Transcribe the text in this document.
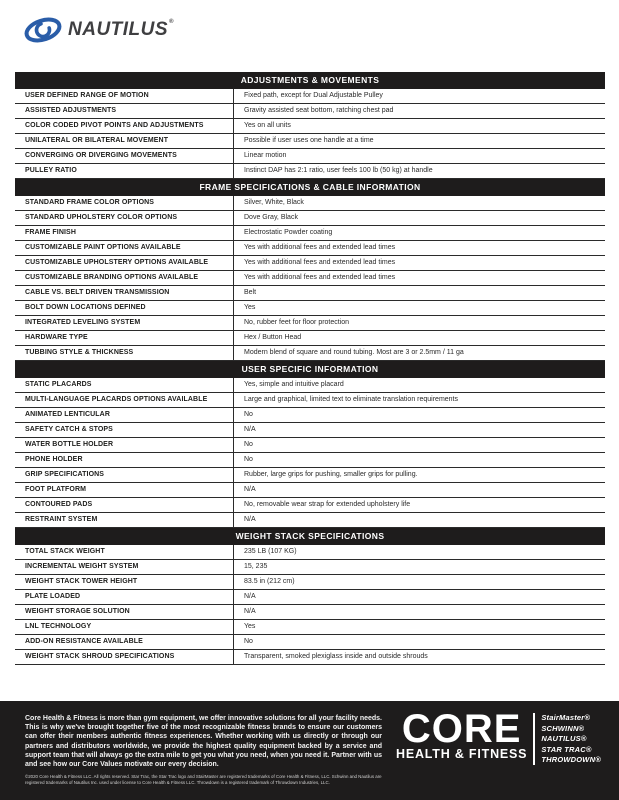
NAUTILUS®
ADJUSTMENTS & MOVEMENTS
USER DEFINED RANGE OF MOTION	Fixed path, except for Dual Adjustable Pulley
ASSISTED ADJUSTMENTS	Gravity assisted seat bottom, ratching chest pad
COLOR CODED PIVOT POINTS AND ADJUSTMENTS	Yes on all units
UNILATERAL OR BILATERAL MOVEMENT	Possible if user uses one handle at a time
CONVERGING OR DIVERGING MOVEMENTS	Linear motion
PULLEY RATIO	Instinct DAP has 2:1 ratio, user feels 100 lb (50 kg) at handle
FRAME SPECIFICATIONS & CABLE INFORMATION
STANDARD FRAME COLOR OPTIONS	Silver, White, Black
STANDARD UPHOLSTERY COLOR OPTIONS	Dove Gray, Black
FRAME FINISH	Electrostatic Powder coating
CUSTOMIZABLE PAINT OPTIONS AVAILABLE	Yes with additional fees and extended lead times
CUSTOMIZABLE UPHOLSTERY OPTIONS AVAILABLE	Yes with additional fees and extended lead times
CUSTOMIZABLE BRANDING OPTIONS AVAILABLE	Yes with additional fees and extended lead times
CABLE VS. BELT DRIVEN TRANSMISSION	Belt
BOLT DOWN LOCATIONS DEFINED	Yes
INTEGRATED LEVELING SYSTEM	No, rubber feet for floor protection
HARDWARE TYPE	Hex / Button Head
TUBBING STYLE & THICKNESS	Modern blend of square and round tubing. Most are 3 or 2.5mm / 11 ga
USER SPECIFIC INFORMATION
STATIC PLACARDS	Yes, simple and intuitive placard
MULTI-LANGUAGE PLACARDS OPTIONS AVAILABLE	Large and graphical, limited text to eliminate translation requirements
ANIMATED LENTICULAR	No
SAFETY CATCH & STOPS	N/A
WATER BOTTLE HOLDER	No
PHONE HOLDER	No
GRIP SPECIFICATIONS	Rubber, large grips for pushing, smaller grips for pulling.
FOOT PLATFORM	N/A
CONTOURED PADS	No, removable wear strap for extended upholstery life
RESTRAINT SYSTEM	N/A
WEIGHT STACK SPECIFICATIONS
TOTAL STACK WEIGHT	235 LB (107 KG)
INCREMENTAL WEIGHT SYSTEM	15, 235
WEIGHT STACK TOWER HEIGHT	83.5 in (212 cm)
PLATE LOADED	N/A
WEIGHT STORAGE SOLUTION	N/A
LNL TECHNOLOGY	Yes
ADD-ON RESISTANCE AVAILABLE	No
WEIGHT STACK SHROUD SPECIFICATIONS	Transparent, smoked plexiglass inside and outside shrouds
Core Health & Fitness is more than gym equipment, we offer innovative solutions for all your facility needs. This is why we've brought together five of the most recognizable fitness brands to ensure our customers can offer their members authentic fitness experiences. Whether working with us directly or through our partners and distributors worldwide, we provide the highest quality equipment backed by a service and support team that will always go the extra mile to get you what you need, when you need it. Partner with us and see how our Core Values motivate our every decision.
©2020 Core Health & Fitness LLC. All rights reserved. Star Trac, the Star Trac logo and StairMaster are registered trademarks of Core Health & Fitness, LLC. Schwinn and Nautilus are registered trademarks of Nautilus Inc. used under license to Core Health & Fitness LLC. Throwdown is a registered trademark of Throwdown Industries, LLC.
CORE
HEALTH & FITNESS
StairMaster®
SCHWINN®
NAUTILUS®
STAR TRAC®
THROWDOWN®
